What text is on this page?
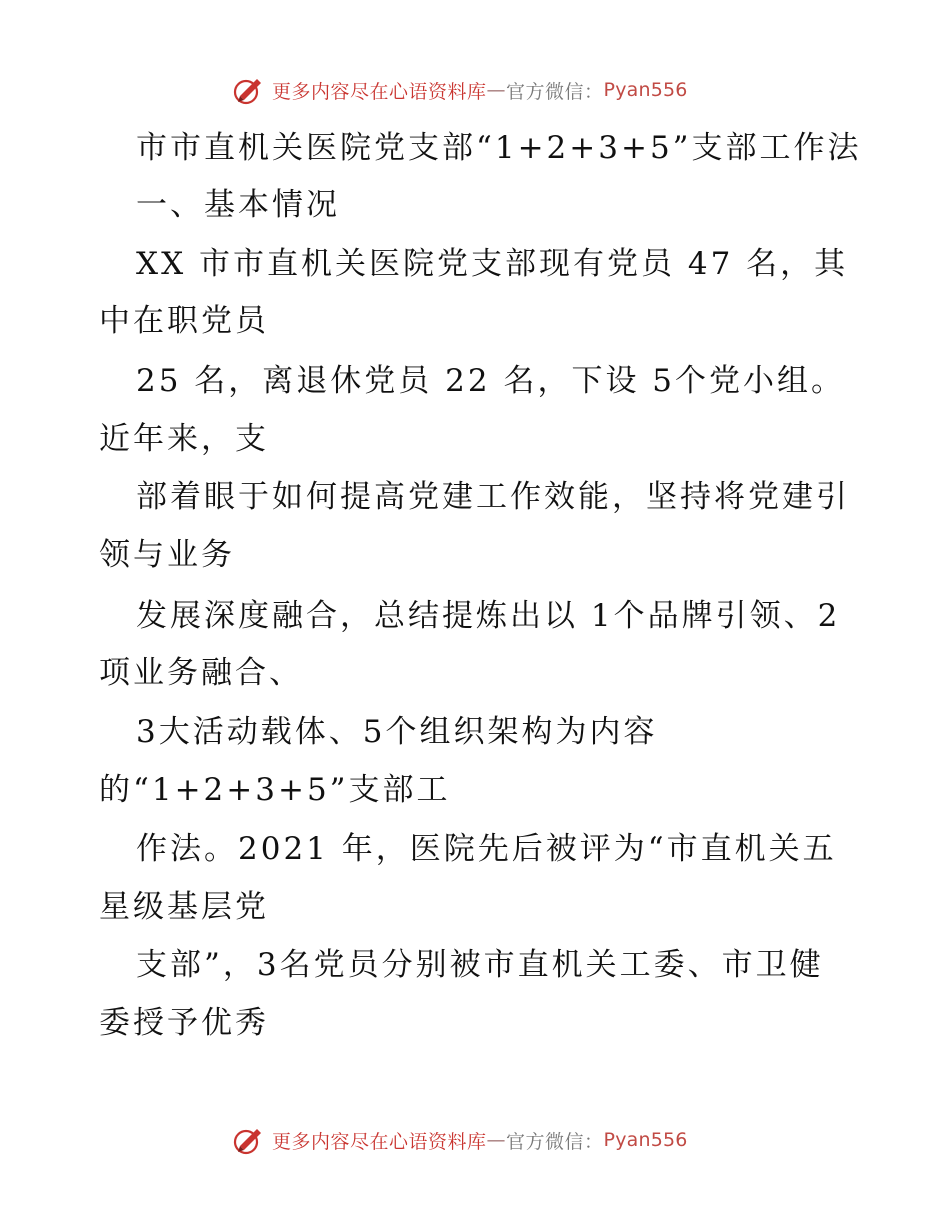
更多内容尽在心语资料库 — 官方微信： Pyan556
市市直机关医院党支部“1+2+3+5”支部工作法
一、基本情况
XX 市市直机关医院党支部现有党员 47 名，其
中在职党员
25 名，离退休党员 22 名，下设 5个党小组。
近年来，支
部着眼于如何提高党建工作效能，坚持将党建引
领与业务
发展深度融合，总结提炼出以 1个品牌引领、2
项业务融合、
3大活动载体、5个组织架构为内容
的“1+2+3+5”支部工
作法。2021 年，医院先后被评为“市直机关五
星级基层党
支部”，3名党员分别被市直机关工委、市卫健
委授予优秀
更多内容尽在心语资料库 — 官方微信： Pyan556
